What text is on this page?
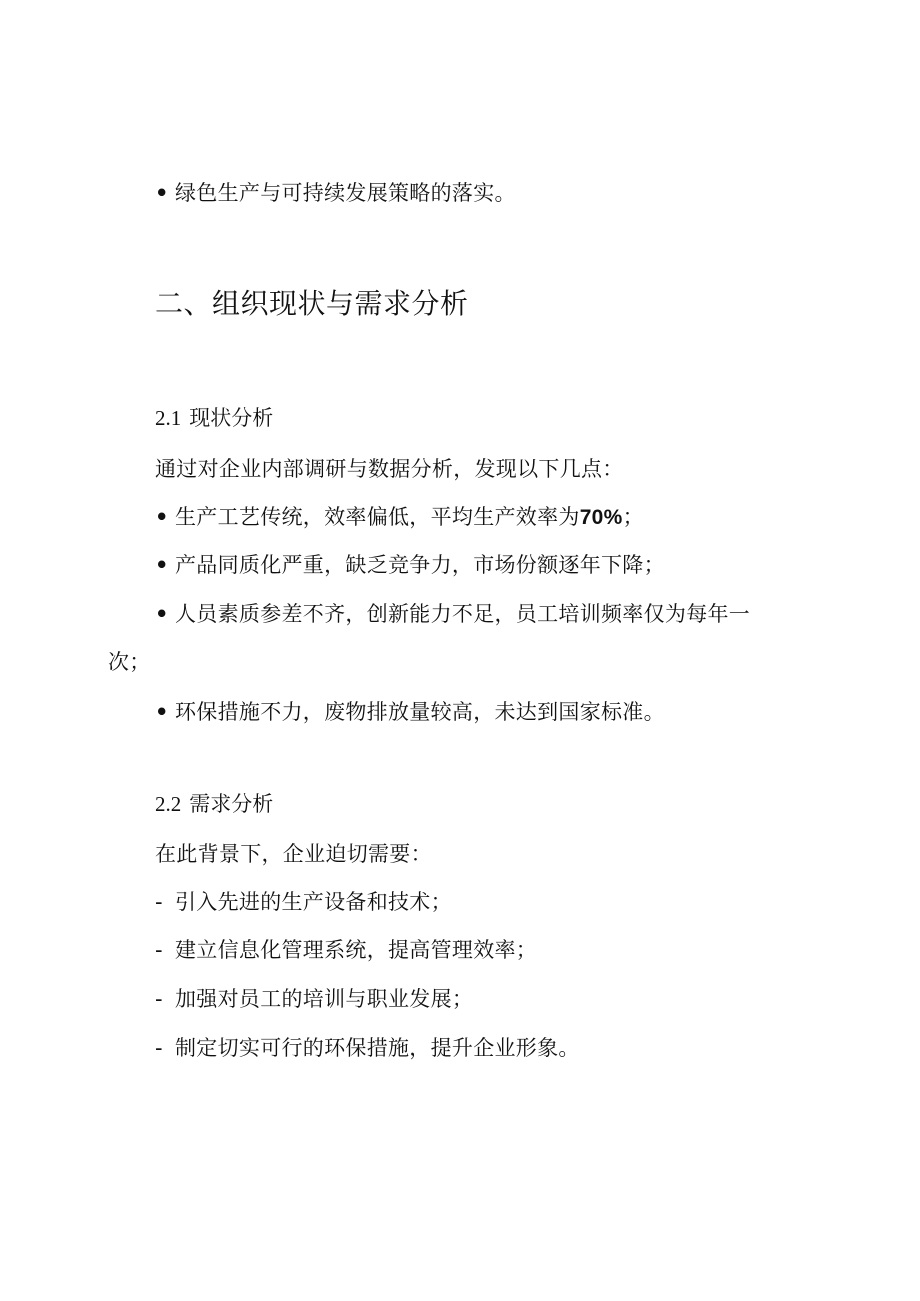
• 绿色生产与可持续发展策略的落实。
二、组织现状与需求分析
2.1 现状分析
通过对企业内部调研与数据分析，发现以下几点：
• 生产工艺传统，效率偏低，平均生产效率为70%；
• 产品同质化严重，缺乏竞争力，市场份额逐年下降；
• 人员素质参差不齐，创新能力不足，员工培训频率仅为每年一
次；
• 环保措施不力，废物排放量较高，未达到国家标准。
2.2 需求分析
在此背景下，企业迫切需要：
- 引入先进的生产设备和技术；
- 建立信息化管理系统，提高管理效率；
- 加强对员工的培训与职业发展；
- 制定切实可行的环保措施，提升企业形象。
